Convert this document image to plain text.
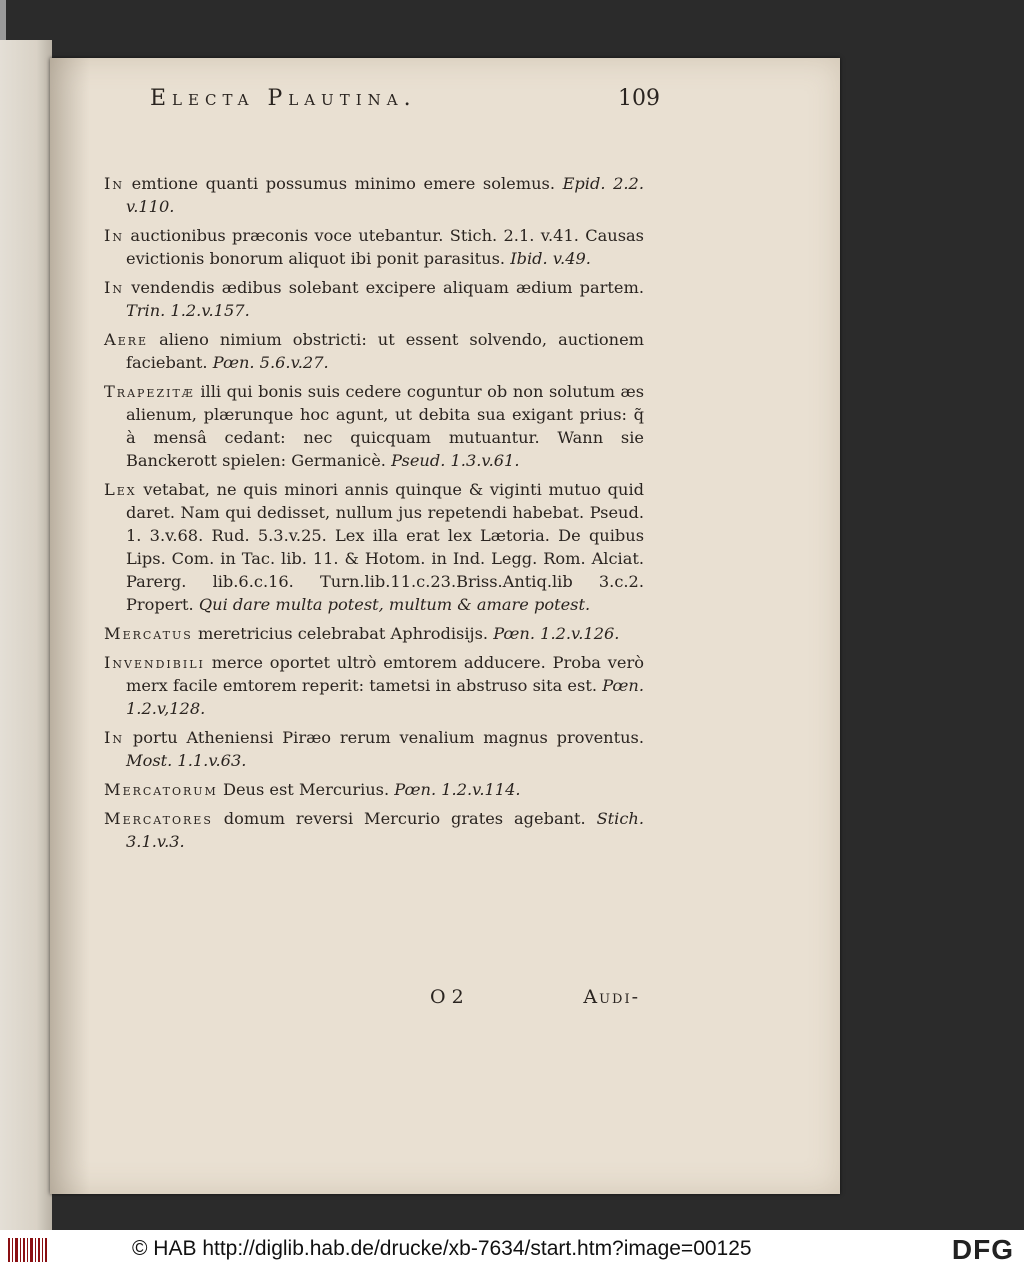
Electa Plautina.	109

In emtione quanti possumus minimo emere solemus. Epid. 2.2. v.110.

In auctionibus præconis voce utebantur. Stich. 2.1. v.41. Causas evictionis bonorum aliquot ibi ponit parasitus. Ibid. v.49.

In vendendis ædibus solebant excipere aliquam ædium partem. Trin. 1.2.v.157.

Aere alieno nimium obstricti: ut essent solvendo, auctionem faciebant. Pœn. 5.6.v.27.

Trapezitæ illi qui bonis suis cedere coguntur ob non solutum æs alienum, plærunque hoc agunt, ut debita sua exigant prius: q̃ à mensâ cedant: nec quicquam mutuantur. Wann sie Banckerott spielen: Germanicè. Pseud. 1.3.v.61.

Lex vetabat, ne quis minori annis quinque & viginti mutuo quid daret. Nam qui dedisset, nullum jus repetendi habebat. Pseud. 1. 3.v.68. Rud. 5.3.v.25. Lex illa erat lex Lætoria. De quibus Lips. Com. in Tac. lib. 11. & Hotom. in Ind. Legg. Rom. Alciat. Parerg. lib.6.c.16. Turn.lib.11.c.23.Briss.Antiq.lib 3.c.2. Propert. Qui dare multa potest, multum & amare potest.

Mercatus meretricius celebrabat Aphrodisijs. Pœn. 1.2.v.126.

Invendibili merce oportet ultrò emtorem adducere. Proba verò merx facile emtorem reperit: tametsi in abstruso sita est. Pœn. 1.2.v,128.

In portu Atheniensi Piræo rerum venalium magnus proventus. Most. 1.1.v.63.

Mercatorum Deus est Mercurius. Pœn. 1.2.v.114.

Mercatores domum reversi Mercurio grates agebant. Stich. 3.1.v.3.

O 2	Audi-
© HAB http://diglib.hab.de/drucke/xb-7634/start.htm?image=00125	DFG
